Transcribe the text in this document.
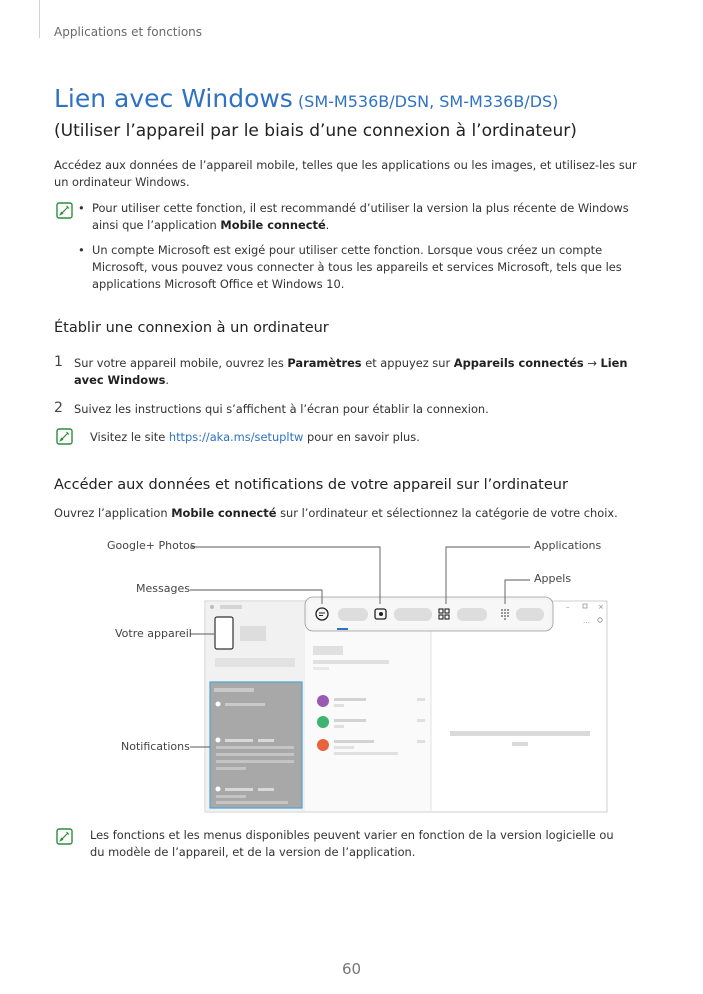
Applications et fonctions
Lien avec Windows (SM-M536B/DSN, SM-M336B/DS)
(Utiliser l’appareil par le biais d’une connexion à l’ordinateur)
Accédez aux données de l’appareil mobile, telles que les applications ou les images, et utilisez-les sur un ordinateur Windows.
• Pour utiliser cette fonction, il est recommandé d’utiliser la version la plus récente de Windows ainsi que l’application Mobile connecté.
• Un compte Microsoft est exigé pour utiliser cette fonction. Lorsque vous créez un compte Microsoft, vous pouvez vous connecter à tous les appareils et services Microsoft, tels que les applications Microsoft Office et Windows 10.
Établir une connexion à un ordinateur
1 Sur votre appareil mobile, ouvrez les Paramètres et appuyez sur Appareils connectés → Lien avec Windows.
2 Suivez les instructions qui s’affichent à l’écran pour établir la connexion.
Visitez le site https://aka.ms/setupltw pour en savoir plus.
Accéder aux données et notifications de votre appareil sur l’ordinateur
Ouvrez l’application Mobile connecté sur l’ordinateur et sélectionnez la catégorie de votre choix.
–	×
…
Google+ Photos
Messages
Votre appareil
Notifications
Applications
Appels
Les fonctions et les menus disponibles peuvent varier en fonction de la version logicielle ou du modèle de l’appareil, et de la version de l’application.
60
